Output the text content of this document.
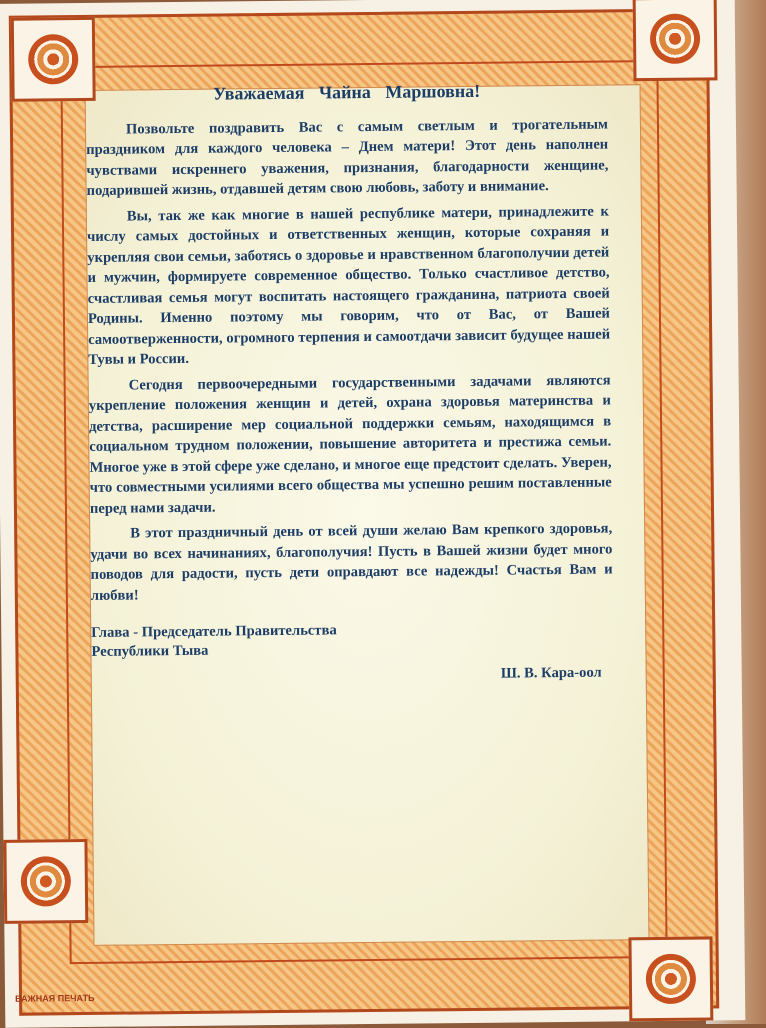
ВАЖНАЯ ПЕЧАТЬ
Уважаемая Чайна Маршовна!

Позвольте поздравить Вас с самым светлым и трогательным праздником для каждого человека – Днем матери! Этот день наполнен чувствами искреннего уважения, признания, благодарности женщине, подарившей жизнь, отдавшей детям свою любовь, заботу и внимание.

Вы, так же как многие в нашей республике матери, принадлежите к числу самых достойных и ответственных женщин, которые сохраняя и укрепляя свои семьи, заботясь о здоровье и нравственном благополучии детей и мужчин, формируете современное общество. Только счастливое детство, счастливая семья могут воспитать настоящего гражданина, патриота своей Родины. Именно поэтому мы говорим, что от Вас, от Вашей самоотверженности, огромного терпения и самоотдачи зависит будущее нашей Тувы и России.

Сегодня первоочередными государственными задачами являются укрепление положения женщин и детей, охрана здоровья материнства и детства, расширение мер социальной поддержки семьям, находящимся в социальном трудном положении, повышение авторитета и престижа семьи. Многое уже в этой сфере уже сделано, и многое еще предстоит сделать. Уверен, что совместными усилиями всего общества мы успешно решим поставленные перед нами задачи.

В этот праздничный день от всей души желаю Вам крепкого здоровья, удачи во всех начинаниях, благополучия! Пусть в Вашей жизни будет много поводов для радости, пусть дети оправдают все надежды! Счастья Вам и любви!

Глава - Председатель Правительства
Республики Тыва
Ш. В. Кара-оол
